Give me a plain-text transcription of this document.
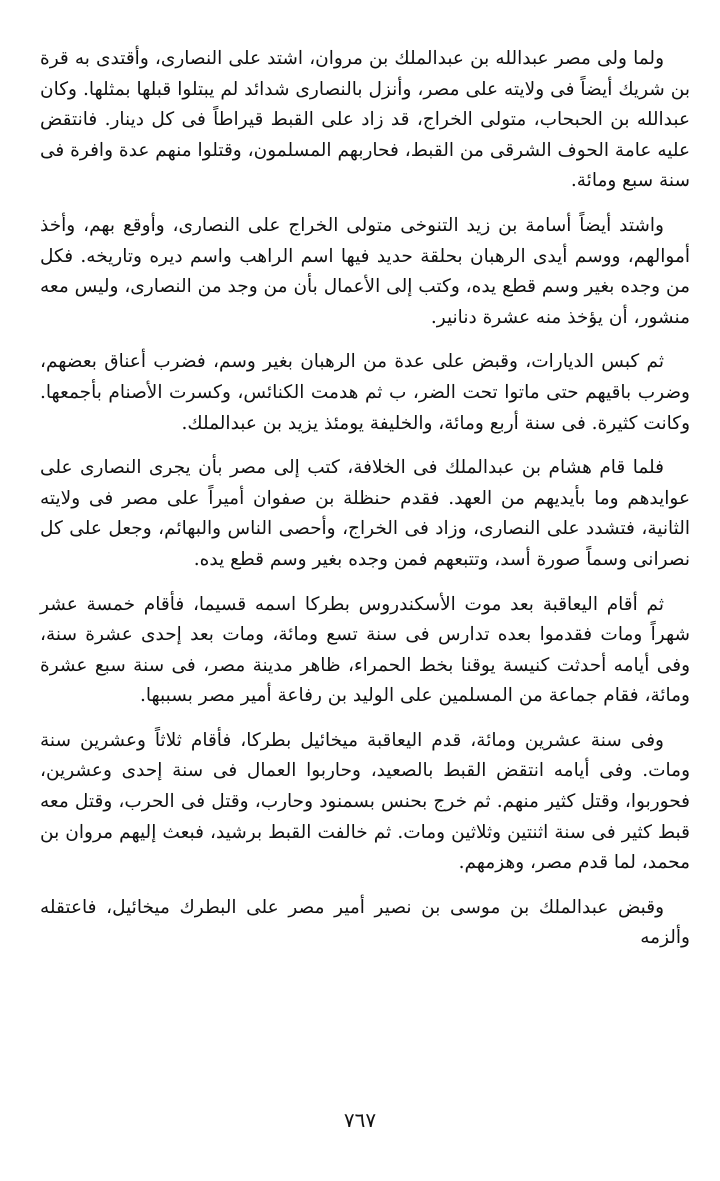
ولما ولى مصر عبدالله بن عبدالملك بن مروان، اشتد على النصارى، وأقتدى به قرة بن شريك أيضاً فى ولايته على مصر، وأنزل بالنصارى شدائد لم يبتلوا قبلها بمثلها. وكان عبدالله بن الحبحاب، متولى الخراج، قد زاد على القبط قيراطاً فى كل دينار. فانتقض عليه عامة الحوف الشرقى من القبط، فحاربهم المسلمون، وقتلوا منهم عدة وافرة فى سنة سبع ومائة.

واشتد أيضاً أسامة بن زيد التنوخى متولى الخراج على النصارى، وأوقع بهم، وأخذ أموالهم، ووسم أيدى الرهبان بحلقة حديد فيها اسم الراهب واسم ديره وتاريخه. فكل من وجده بغير وسم قطع يده، وكتب إلى الأعمال بأن من وجد من النصارى، وليس معه منشور، أن يؤخذ منه عشرة دنانير.

ثم كبس الديارات، وقبض على عدة من الرهبان بغير وسم، فضرب أعناق بعضهم، وضرب باقيهم حتى ماتوا تحت الضر، ب ثم هدمت الكنائس، وكسرت الأصنام بأجمعها. وكانت كثيرة. فى سنة أربع ومائة، والخليفة يومئذ يزيد بن عبدالملك.

فلما قام هشام بن عبدالملك فى الخلافة، كتب إلى مصر بأن يجرى النصارى على عوايدهم وما بأيديهم من العهد. فقدم حنظلة بن صفوان أميراً على مصر فى ولايته الثانية، فتشدد على النصارى، وزاد فى الخراج، وأحصى الناس والبهائم، وجعل على كل نصرانى وسماً صورة أسد، وتتبعهم فمن وجده بغير وسم قطع يده.

ثم أقام اليعاقبة بعد موت الأسكندروس بطركا اسمه قسيما، فأقام خمسة عشر شهراً ومات فقدموا بعده تدارس فى سنة تسع ومائة، ومات بعد إحدى عشرة سنة، وفى أيامه أحدثت كنيسة يوقنا بخط الحمراء، ظاهر مدينة مصر، فى سنة سبع عشرة ومائة، فقام جماعة من المسلمين على الوليد بن رفاعة أمير مصر بسببها.

وفى سنة عشرين ومائة، قدم اليعاقبة ميخائيل بطركا، فأقام ثلاثاً وعشرين سنة ومات. وفى أيامه انتقض القبط بالصعيد، وحاربوا العمال فى سنة إحدى وعشرين، فحوربوا، وقتل كثير منهم. ثم خرج بحنس بسمنود وحارب، وقتل فى الحرب، وقتل معه قبط كثير فى سنة اثنتين وثلاثين ومات. ثم خالفت القبط برشيد، فبعث إليهم مروان بن محمد، لما قدم مصر، وهزمهم.

وقبض عبدالملك بن موسى بن نصير أمير مصر على البطرك ميخائيل، فاعتقله وألزمه

٧٦٧
